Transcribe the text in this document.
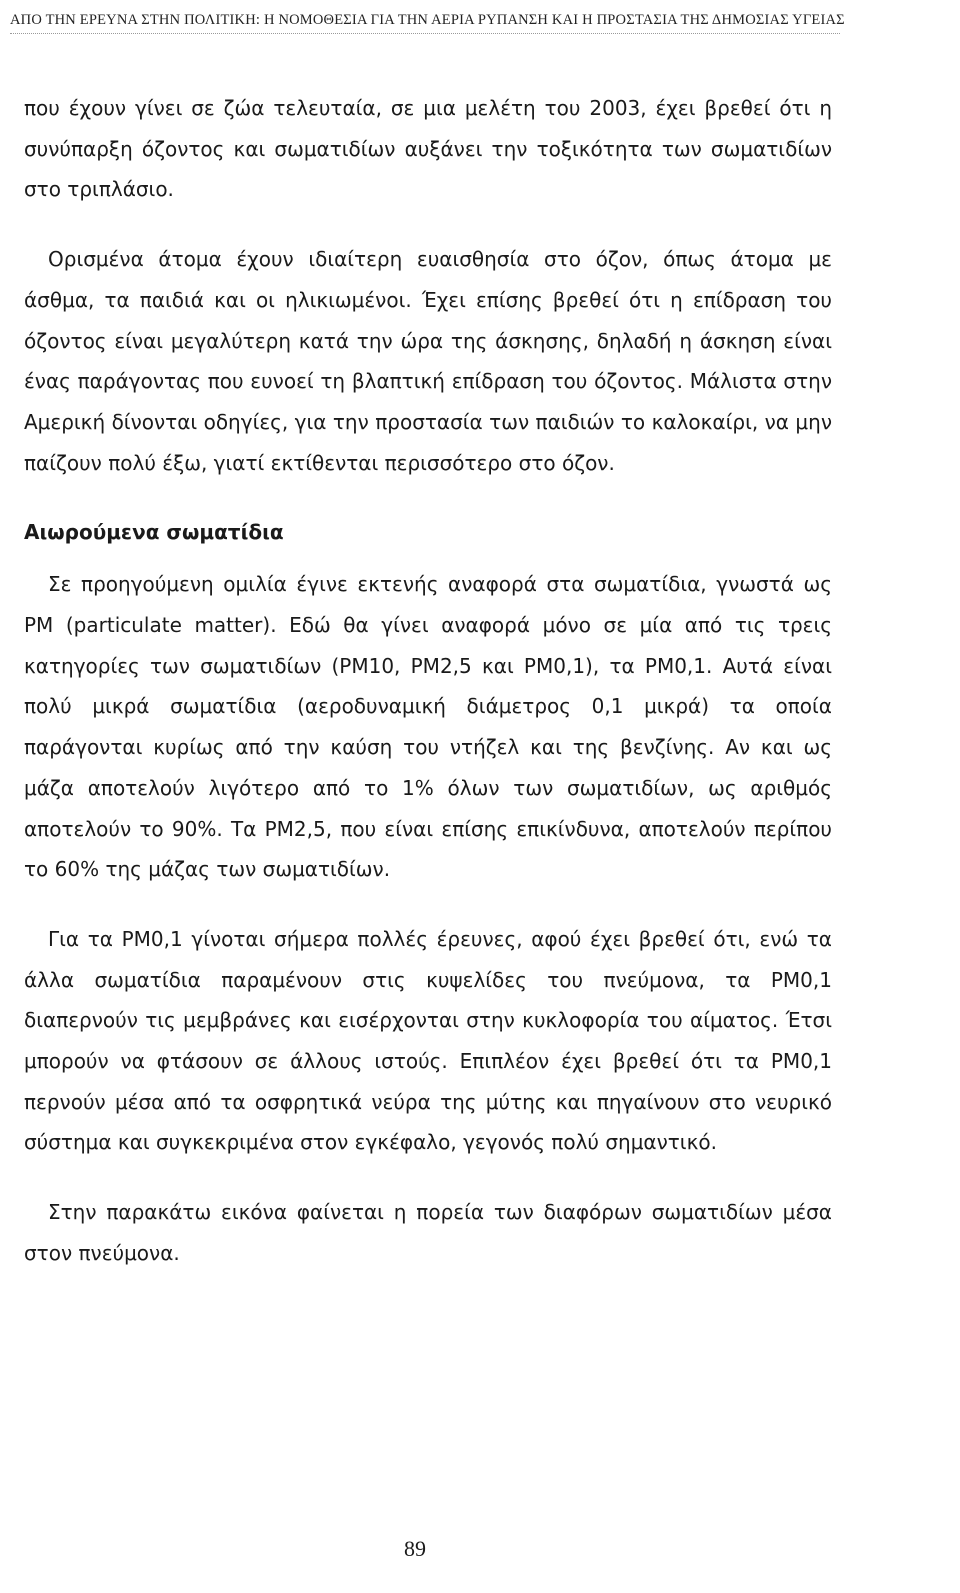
ΑΠΟ ΤΗΝ ΕΡΕΥΝΑ ΣΤΗΝ ΠΟΛΙΤΙΚΗ: Η ΝΟΜΟΘΕΣΙΑ ΓΙΑ ΤΗΝ ΑΕΡΙΑ ΡΥΠΑΝΣΗ ΚΑΙ Η ΠΡΟΣΤΑΣΙΑ ΤΗΣ ΔΗΜΟΣΙΑΣ ΥΓΕΙΑΣ

που έχουν γίνει σε ζώα τελευταία, σε μια μελέτη του 2003, έχει βρεθεί ότι η συνύπαρξη όζοντος και σωματιδίων αυξάνει την τοξικότητα των σωματιδίων στο τριπλάσιο.

Ορισμένα άτομα έχουν ιδιαίτερη ευαισθησία στο όζον, όπως άτομα με άσθμα, τα παιδιά και οι ηλικιωμένοι. Έχει επίσης βρεθεί ότι η επίδραση του όζοντος είναι μεγαλύτερη κατά την ώρα της άσκησης, δηλαδή η άσκηση είναι ένας παράγοντας που ευνοεί τη βλαπτική επίδραση του όζοντος. Μάλιστα στην Αμερική δίνονται οδηγίες, για την προστασία των παιδιών το καλοκαίρι, να μην παίζουν πολύ έξω, γιατί εκτίθενται περισσότερο στο όζον.

Αιωρούμενα σωματίδια

Σε προηγούμενη ομιλία έγινε εκτενής αναφορά στα σωματίδια, γνωστά ως PM (particulate matter). Εδώ θα γίνει αναφορά μόνο σε μία από τις τρεις κατηγορίες των σωματιδίων (PM10, PM2,5 και PM0,1), τα PM0,1. Αυτά είναι πολύ μικρά σωματίδια (αεροδυναμική διάμετρος 0,1 μικρά) τα οποία παράγονται κυρίως από την καύση του ντήζελ και της βενζίνης. Αν και ως μάζα αποτελούν λιγότερο από το 1% όλων των σωματιδίων, ως αριθμός αποτελούν το 90%. Τα PM2,5, που είναι επίσης επικίνδυνα, αποτελούν περίπου το 60% της μάζας των σωματιδίων.

Για τα PM0,1 γίνοται σήμερα πολλές έρευνες, αφού έχει βρεθεί ότι, ενώ τα άλλα σωματίδια παραμένουν στις κυψελίδες του πνεύμονα, τα PM0,1 διαπερνούν τις μεμβράνες και εισέρχονται στην κυκλοφορία του αίματος. Έτσι μπορούν να φτάσουν σε άλλους ιστούς. Επιπλέον έχει βρεθεί ότι τα PM0,1 περνούν μέσα από τα οσφρητικά νεύρα της μύτης και πηγαίνουν στο νευρικό σύστημα και συγκεκριμένα στον εγκέφαλο, γεγονός πολύ σημαντικό.

Στην παρακάτω εικόνα φαίνεται η πορεία των διαφόρων σωματιδίων μέσα στον πνεύμονα.

89
